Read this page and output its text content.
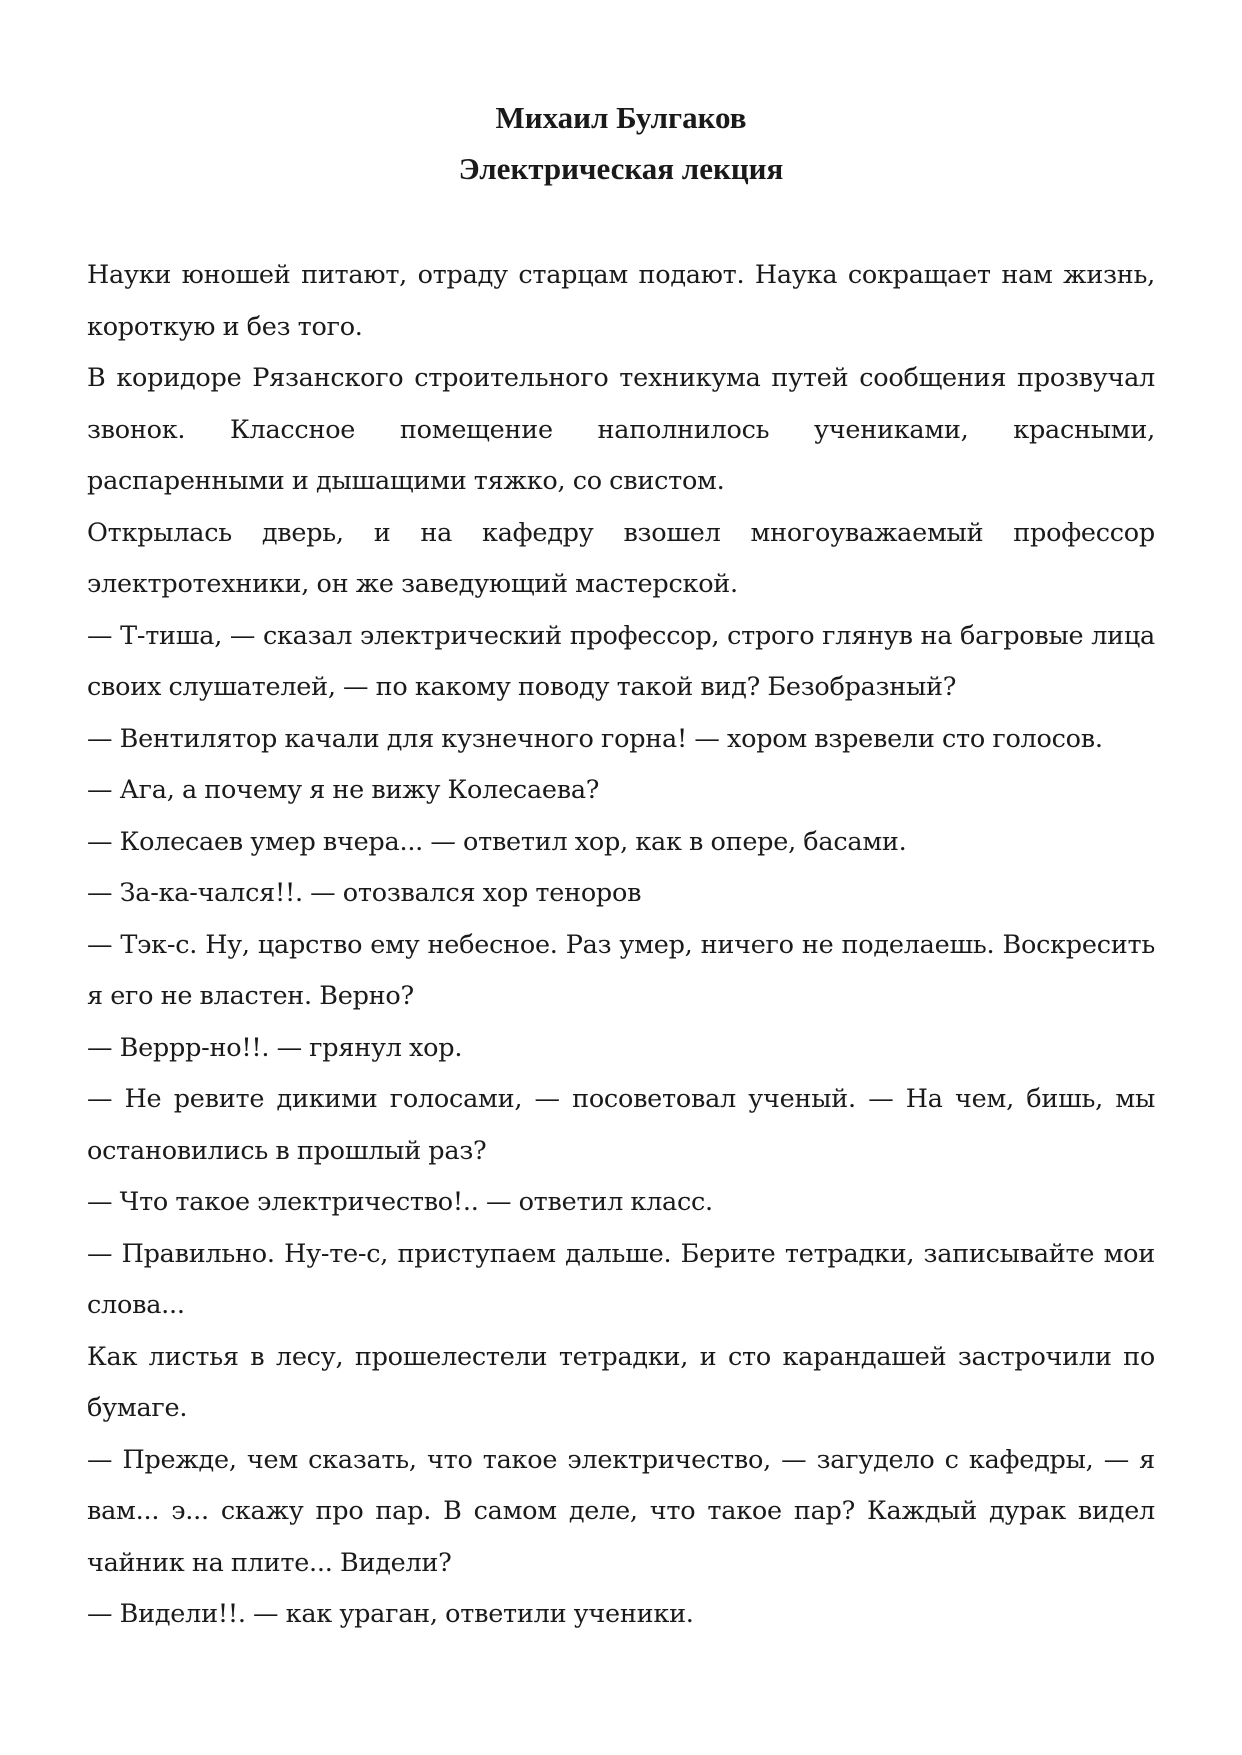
Михаил Булгаков
Электрическая лекция

Науки юношей питают, отраду старцам подают. Наука сокращает нам жизнь, короткую и без того.

В коридоре Рязанского строительного техникума путей сообщения прозвучал звонок. Классное помещение наполнилось учениками, красными, распаренными и дышащими тяжко, со свистом.

Открылась дверь, и на кафедру взошел многоуважаемый профессор электротехники, он же заведующий мастерской.

— Т-тиша, — сказал электрический профессор, строго глянув на багровые лица своих слушателей, — по какому поводу такой вид? Безобразный?

— Вентилятор качали для кузнечного горна! — хором взревели сто голосов.

— Ага, а почему я не вижу Колесаева?

— Колесаев умер вчера... — ответил хор, как в опере, басами.

— За-ка-чался!!. — отозвался хор теноров

— Тэк-с. Ну, царство ему небесное. Раз умер, ничего не поделаешь. Воскресить я его не властен. Верно?

— Веррр-но!!. — грянул хор.

— Не ревите дикими голосами, — посоветовал ученый. — На чем, бишь, мы остановились в прошлый раз?

— Что такое электричество!.. — ответил класс.

— Правильно. Ну-те-с, приступаем дальше. Берите тетрадки, записывайте мои слова...

Как листья в лесу, прошелестели тетрадки, и сто карандашей застрочили по бумаге.

— Прежде, чем сказать, что такое электричество, — загудело с кафедры, — я вам... э... скажу про пар. В самом деле, что такое пар? Каждый дурак видел чайник на плите... Видели?

— Видели!!. — как ураган, ответили ученики.
